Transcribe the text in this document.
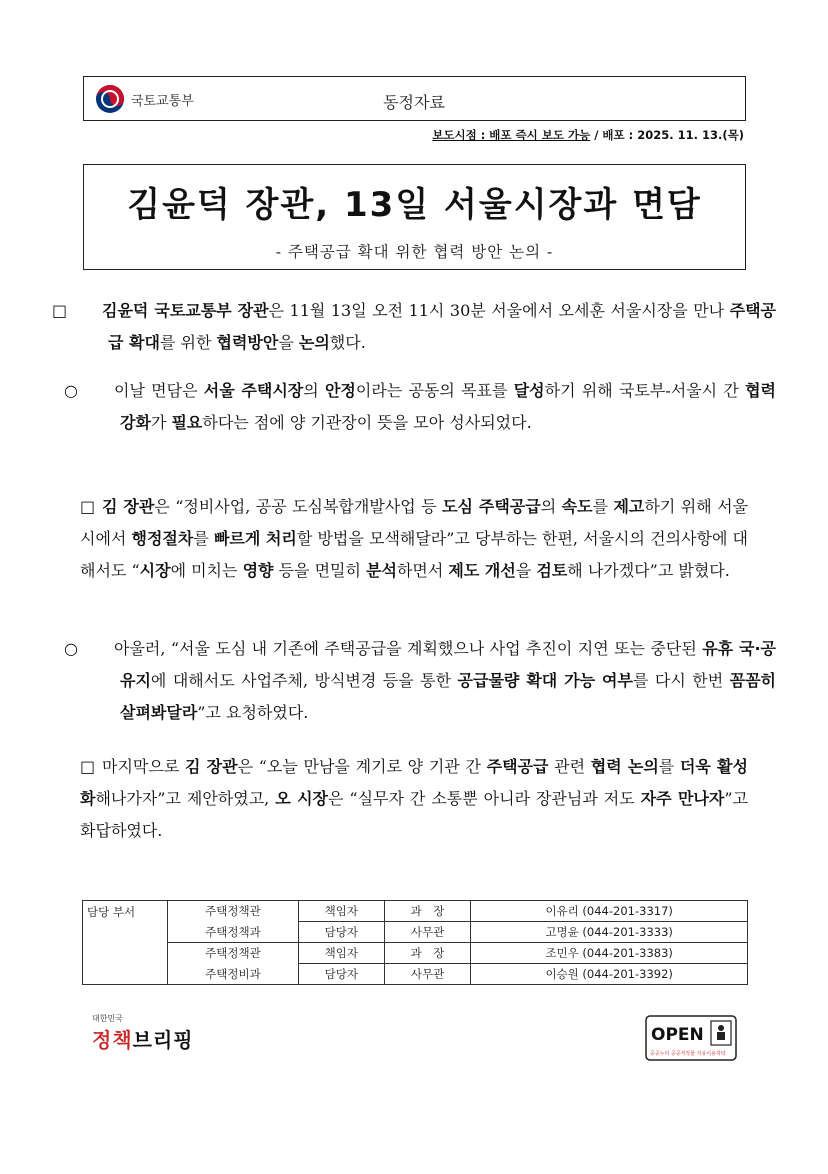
국토교통부	동정자료
보도시점 : 배포 즉시 보도 가능 / 배포 : 2025. 11. 13.(목)
김윤덕 장관, 13일 서울시장과 면담
- 주택공급 확대 위한 협력 방안 논의 -
□ 김윤덕 국토교통부 장관은 11월 13일 오전 11시 30분 서울에서 오세훈 서울시장을 만나 주택공급 확대를 위한 협력방안을 논의했다.
○ 이날 면담은 서울 주택시장의 안정이라는 공동의 목표를 달성하기 위해 국토부-서울시 간 협력 강화가 필요하다는 점에 양 기관장이 뜻을 모아 성사되었다.
□ 김 장관은 “정비사업, 공공 도심복합개발사업 등 도심 주택공급의 속도를 제고하기 위해 서울시에서 행정절차를 빠르게 처리할 방법을 모색해달라”고 당부하는 한편, 서울시의 건의사항에 대해서도 “시장에 미치는 영향 등을 면밀히 분석하면서 제도 개선을 검토해 나가겠다”고 밝혔다.
○ 아울러, “서울 도심 내 기존에 주택공급을 계획했으나 사업 추진이 지연 또는 중단된 유휴 국·공유지에 대해서도 사업주체, 방식변경 등을 통한 공급물량 확대 가능 여부를 다시 한번 꼼꼼히 살펴봐달라”고 요청하였다.
□ 마지막으로 김 장관은 “오늘 만남을 계기로 양 기관 간 주택공급 관련 협력 논의를 더욱 활성화해나가자”고 제안하였고, 오 시장은 “실무자 간 소통뿐 아니라 장관님과 저도 자주 만나자”고 화답하였다.
담당 부서	주택정책관	책임자	과　장	이유리 (044-201-3317)
	주택정책과	담당자	사무관	고명윤 (044-201-3333)
	주택정책관	책임자	과　장	조민우 (044-201-3383)
	주택정비과	담당자	사무관	이승원 (044-201-3392)
대한민국
정책브리핑	OPEN
공공누리 공공저작물 자유이용허락
